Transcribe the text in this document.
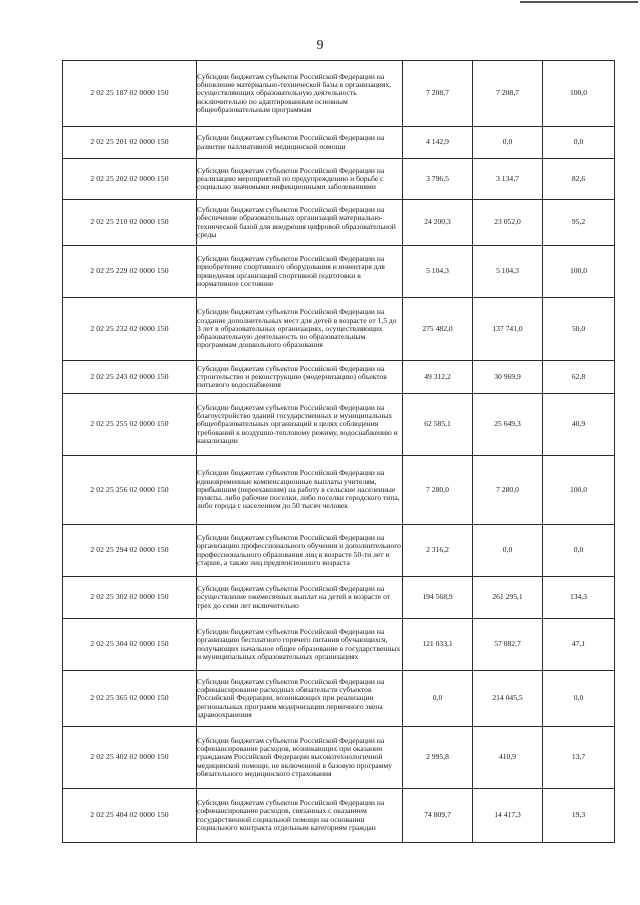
9
2 02 25 187 02 0000 150	Субсидии бюджетам субъектов Российской Федерации на обновление материально-технической базы в организациях, осуществляющих образовательную деятельность исключительно по адаптированным основным общеобразовательным программам	7 208,7	7 208,7	100,0
2 02 25 201 02 0000 150	Субсидии бюджетам субъектов Российской Федерации на развитие паллиативной медицинской помощи	4 142,9	0,0	0,0
2 02 25 202 02 0000 150	Субсидии бюджетам субъектов Российской Федерации на реализацию мероприятий по предупреждению и борьбе с социально значимыми инфекционными заболеваниями	3 796,5	3 134,7	82,6
2 02 25 210 02 0000 150	Субсидии бюджетам субъектов Российской Федерации на обеспечение образовательных организаций материально-технической базой для внедрения цифровой образовательной среды	24 200,3	23 052,0	95,2
2 02 25 229 02 0000 150	Субсидии бюджетам субъектов Российской Федерации на приобретение спортивного оборудования и инвентаря для приведения организаций спортивной подготовки в нормативное состояние	5 104,3	5 104,3	100,0
2 02 25 232 02 0000 150	Субсидии бюджетам субъектов Российской Федерации на создание дополнительных мест для детей в возрасте от 1,5 до 3 лет в образовательных организациях, осуществляющих образовательную деятельность по образовательным программам дошкольного образования	275 482,0	137 741,0	50,0
2 02 25 243 02 0000 150	Субсидии бюджетам субъектов Российской Федерации на строительство и реконструкцию (модернизацию) объектов питьевого водоснабжения	49 312,2	30 969,9	62,8
2 02 25 255 02 0000 150	Субсидии бюджетам субъектов Российской Федерации на благоустройство зданий государственных и муниципальных общеобразовательных организаций в целях соблюдения требований к воздушно-тепловому режиму, водоснабжению и канализации	62 585,1	25 649,3	40,9
2 02 25 256 02 0000 150	Субсидии бюджетам субъектов Российской Федерации на единовременные компенсационные выплаты учителям, прибывшим (переехавшим) на работу в сельские населенные пункты, либо рабочие поселки, либо поселки городского типа, либо города с населением до 50 тысяч человек	7 280,0	7 280,0	100,0
2 02 25 294 02 0000 150	Субсидии бюджетам субъектов Российской Федерации на организацию профессионального обучения и дополнительного профессионального образования лиц в возрасте 50-ти лет и старше, а также лиц предпенсионного возраста	2 316,2	0,0	0,0
2 02 25 302 02 0000 150	Субсидии бюджетам субъектов Российской Федерации на осуществление ежемесячных выплат на детей в возрасте от трех до семи лет включительно	194 568,9	261 295,1	134,3
2 02 25 304 02 0000 150	Субсидии бюджетам субъектов Российской Федерации на организацию бесплатного горячего питания обучающихся, получающих начальное общее образование в государственных и муниципальных образовательных организациях	121 033,1	57 082,7	47,1
2 02 25 365 02 0000 150	Субсидии бюджетам субъектов Российской Федерации на софинансирование расходных обязательств субъектов Российской Федерации, возникающих при реализации региональных программ модернизации первичного звена здравоохранения	0,0	214 045,5	0,0
2 02 25 402 02 0000 150	Субсидии бюджетам субъектов Российской Федерации на софинансирование расходов, возникающих при оказании гражданам Российской Федерации высокотехнологичной медицинской помощи, не включенной в базовую программу обязательного медицинского страхования	2 995,8	410,9	13,7
2 02 25 404 02 0000 150	Субсидии бюджетам субъектов Российской Федерации на софинансирование расходов, связанных с оказанием государственной социальной помощи на основании социального контракта отдельным категориям граждан	74 809,7	14 417,3	19,3
